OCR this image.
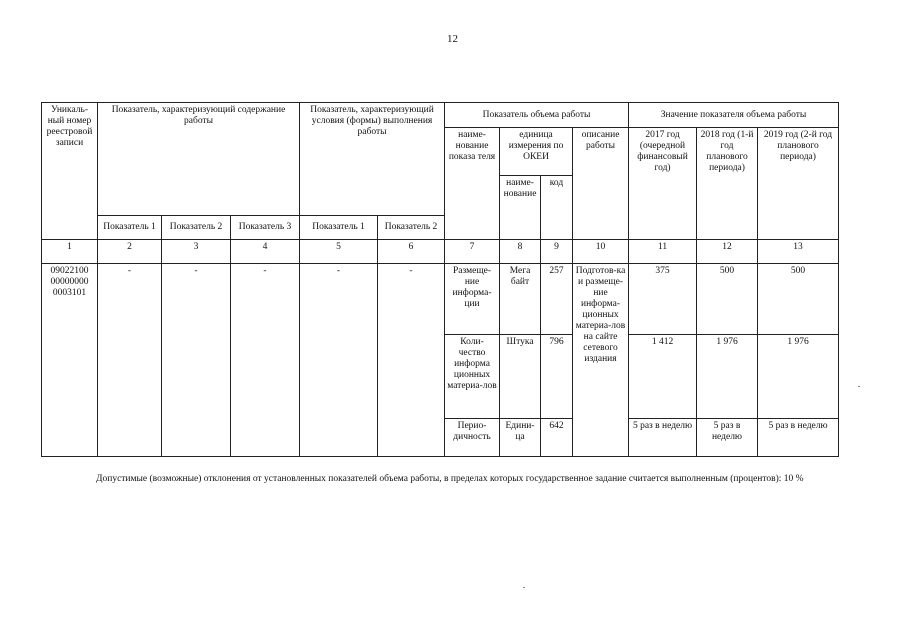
12
Уникаль-ный номер реестровой записи	Показатель, характеризующий содержание работы			Показатель, характеризующий условия (формы) выполнения работы		Показатель объема работы				Значение показателя объема работы		
						наиме-нование показа теля	единица измерения по ОКЕИ		описание работы	2017 год (очередной финансовый год)	2018 год (1-й год планового периода)	2019 год (2-й год планового периода)
							наиме-нование	код				
	Показатель 1	Показатель 2	Показатель 3	Показатель 1	Показатель 2							
1	2	3	4	5	6	7	8	9	10	11	12	13
09022100 00000000 0003101	-	-	-	-	-	Размеще-ние информа-ции	Мега байт	257	Подготов-ка и размеще-ние информа-ционных материа-лов на сайте сетевого издания	375	500	500
						Коли-чество информа ционных материа-лов	Штука	796		1 412	1 976	1 976
						Перио-дичность	Едини-ца	642		5 раз в неделю	5 раз в неделю	5 раз в неделю
Допустимые (возможные) отклонения от установленных показателей объема работы, в пределах которых государственное задание считается выполненным (процентов): 10 %
